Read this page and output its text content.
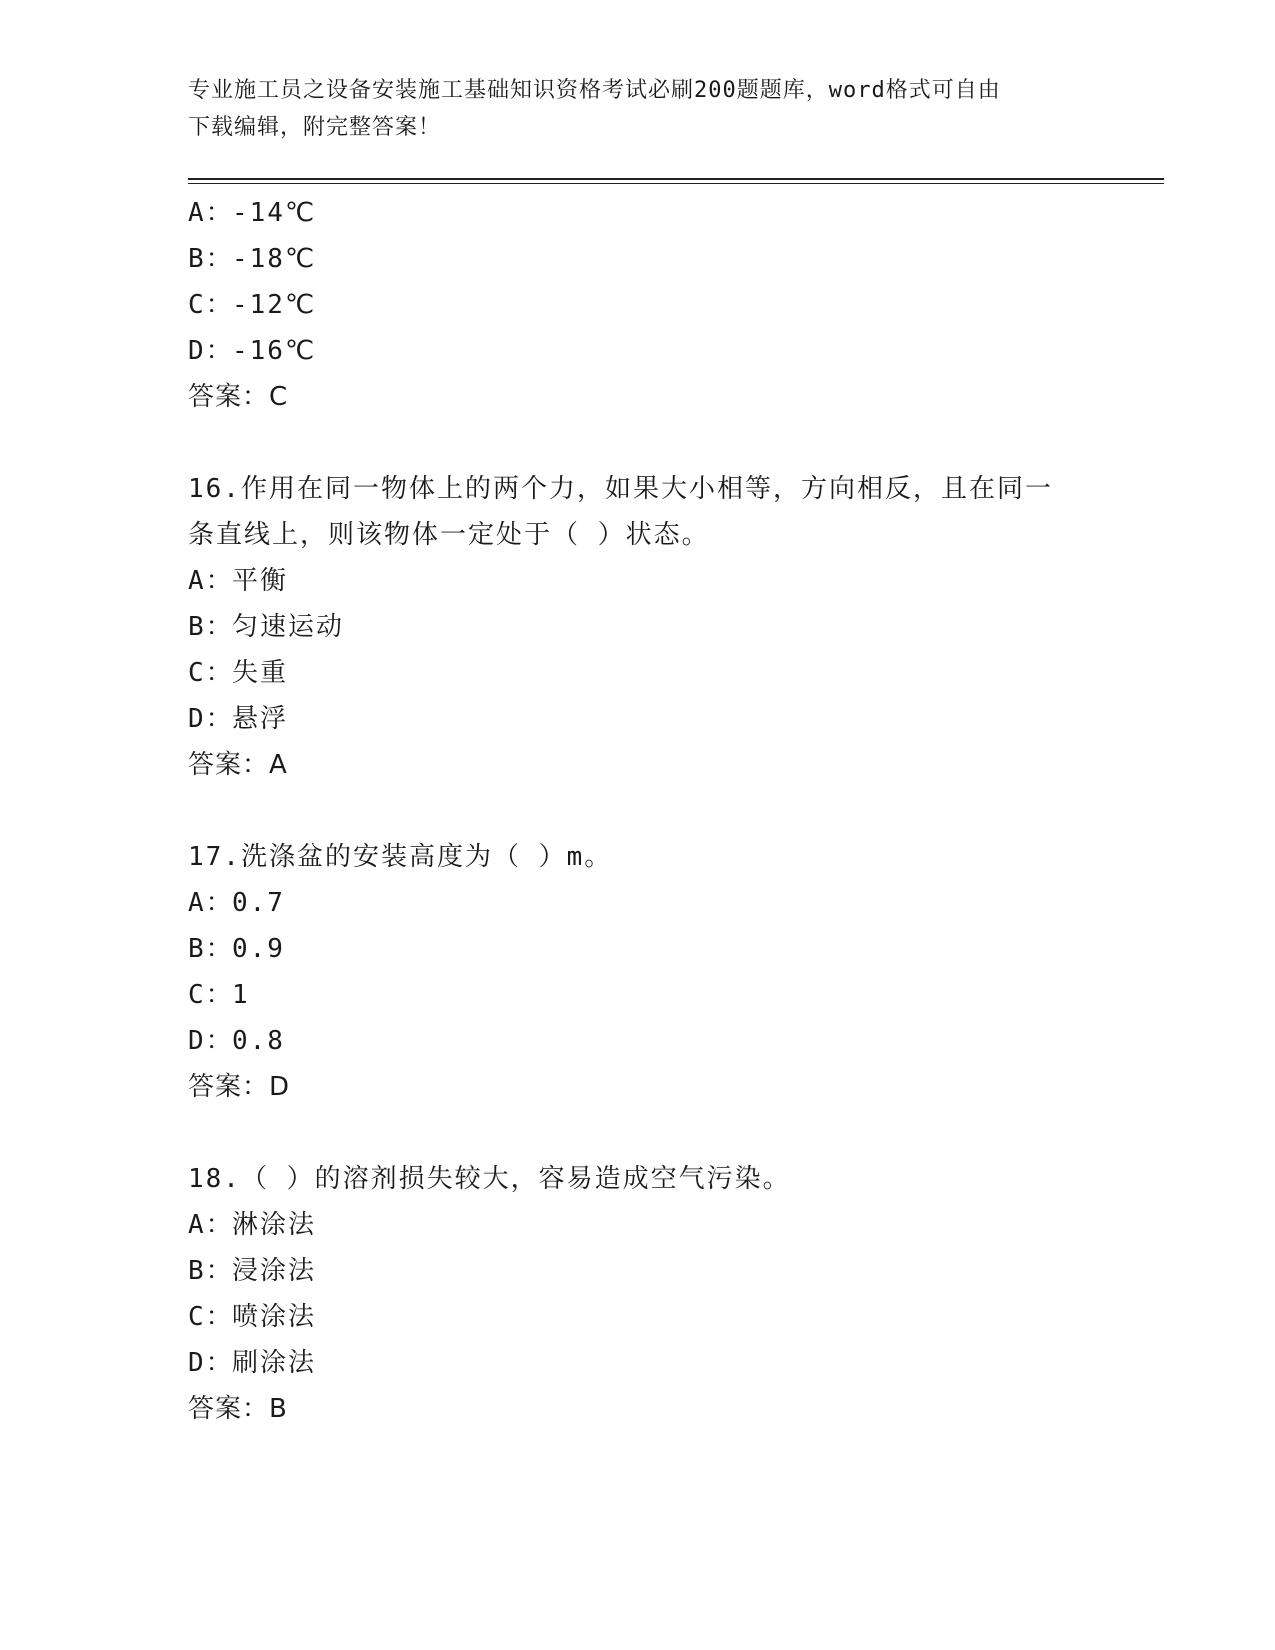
专业施工员之设备安装施工基础知识资格考试必刷200题题库，word格式可自由
下载编辑，附完整答案！
A：-14℃
B：-18℃
C：-12℃
D：-16℃
答案：C
16.作用在同一物体上的两个力，如果大小相等，方向相反，且在同一
条直线上，则该物体一定处于（ ）状态。
A：平衡
B：匀速运动
C：失重
D：悬浮
答案：A
17.洗涤盆的安装高度为（ ）m。
A：0.7
B：0.9
C：1
D：0.8
答案：D
18.（ ）的溶剂损失较大，容易造成空气污染。
A：淋涂法
B：浸涂法
C：喷涂法
D：刷涂法
答案：B
